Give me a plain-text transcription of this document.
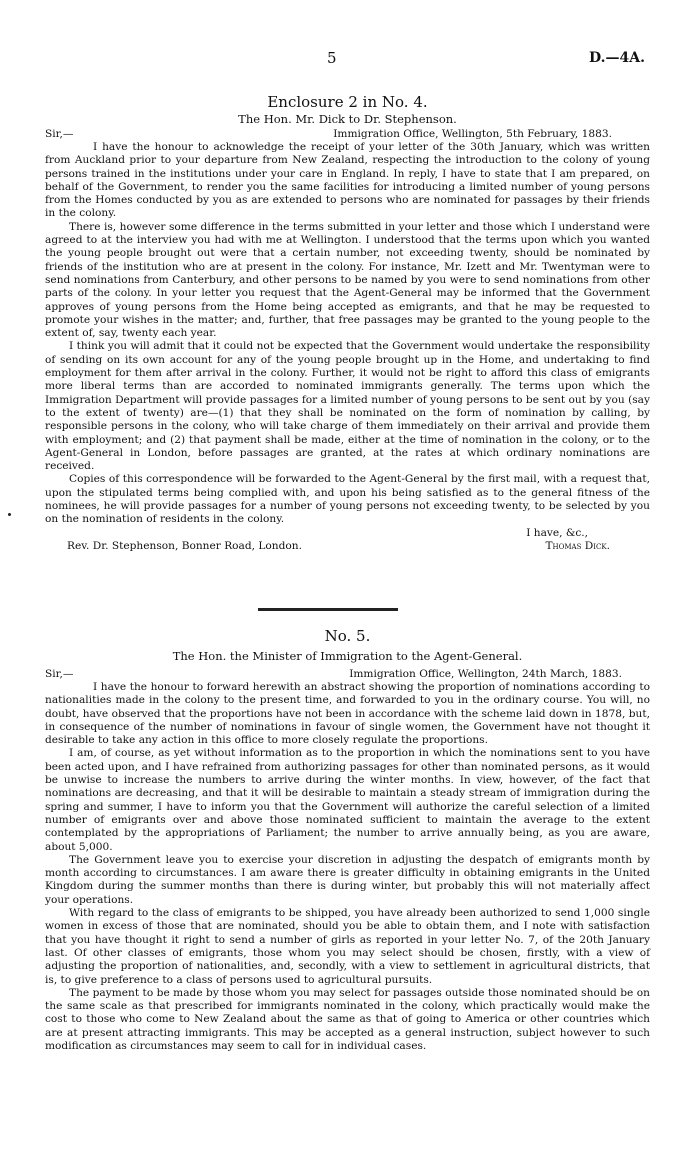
5	D.—4A.
Enclosure 2 in No. 4.
The Hon. Mr. Dick to Dr. Stephenson.
Sir,—	Immigration Office, Wellington, 5th February, 1883.

I have the honour to acknowledge the receipt of your letter of the 30th January, which was written from Auckland prior to your departure from New Zealand, respecting the introduction to the colony of young persons trained in the institutions under your care in England. In reply, I have to state that I am prepared, on behalf of the Government, to render you the same facilities for introducing a limited number of young persons from the Homes conducted by you as are extended to persons who are nominated for passages by their friends in the colony.

There is, however some difference in the terms submitted in your letter and those which I understand were agreed to at the interview you had with me at Wellington. I understood that the terms upon which you wanted the young people brought out were that a certain number, not exceeding twenty, should be nominated by friends of the institution who are at present in the colony. For instance, Mr. Izett and Mr. Twentyman were to send nominations from Canterbury, and other persons to be named by you were to send nominations from other parts of the colony. In your letter you request that the Agent-General may be informed that the Government approves of young persons from the Home being accepted as emigrants, and that he may be requested to promote your wishes in the matter; and, further, that free passages may be granted to the young people to the extent of, say, twenty each year.

I think you will admit that it could not be expected that the Government would undertake the responsibility of sending on its own account for any of the young people brought up in the Home, and undertaking to find employment for them after arrival in the colony. Further, it would not be right to afford this class of emigrants more liberal terms than are accorded to nominated immigrants generally. The terms upon which the Immigration Department will provide passages for a limited number of young persons to be sent out by you (say to the extent of twenty) are—(1) that they shall be nominated on the form of nomination by calling, by responsible persons in the colony, who will take charge of them immediately on their arrival and provide them with employment; and (2) that payment shall be made, either at the time of nomination in the colony, or to the Agent-General in London, before passages are granted, at the rates at which ordinary nominations are received.

Copies of this correspondence will be forwarded to the Agent-General by the first mail, with a request that, upon the stipulated terms being complied with, and upon his being satisfied as to the general fitness of the nominees, he will provide passages for a number of young persons not exceeding twenty, to be selected by you on the nomination of residents in the colony.

I have, &c.,
Rev. Dr. Stephenson, Bonner Road, London.	Thomas Dick.
No. 5.
The Hon. the Minister of Immigration to the Agent-General.
Sir,—	Immigration Office, Wellington, 24th March, 1883.

I have the honour to forward herewith an abstract showing the proportion of nominations according to nationalities made in the colony to the present time, and forwarded to you in the ordinary course. You will, no doubt, have observed that the proportions have not been in accordance with the scheme laid down in 1878, but, in consequence of the number of nominations in favour of single women, the Government have not thought it desirable to take any action in this office to more closely regulate the proportions.

I am, of course, as yet without information as to the proportion in which the nominations sent to you have been acted upon, and I have refrained from authorizing passages for other than nominated persons, as it would be unwise to increase the numbers to arrive during the winter months. In view, however, of the fact that nominations are decreasing, and that it will be desirable to maintain a steady stream of immigration during the spring and summer, I have to inform you that the Government will authorize the careful selection of a limited number of emigrants over and above those nominated sufficient to maintain the average to the extent contemplated by the appropriations of Parliament; the number to arrive annually being, as you are aware, about 5,000.

The Government leave you to exercise your discretion in adjusting the despatch of emigrants month by month according to circumstances. I am aware there is greater difficulty in obtaining emigrants in the United Kingdom during the summer months than there is during winter, but probably this will not materially affect your operations.

With regard to the class of emigrants to be shipped, you have already been authorized to send 1,000 single women in excess of those that are nominated, should you be able to obtain them, and I note with satisfaction that you have thought it right to send a number of girls as reported in your letter No. 7, of the 20th January last. Of other classes of emigrants, those whom you may select should be chosen, firstly, with a view of adjusting the proportion of nationalities, and, secondly, with a view to settlement in agricultural districts, that is, to give preference to a class of persons used to agricultural pursuits.

The payment to be made by those whom you may select for passages outside those nominated should be on the same scale as that prescribed for immigrants nominated in the colony, which practically would make the cost to those who come to New Zealand about the same as that of going to America or other countries which are at present attracting immigrants. This may be accepted as a general instruction, subject however to such modification as circumstances may seem to call for in individual cases.
